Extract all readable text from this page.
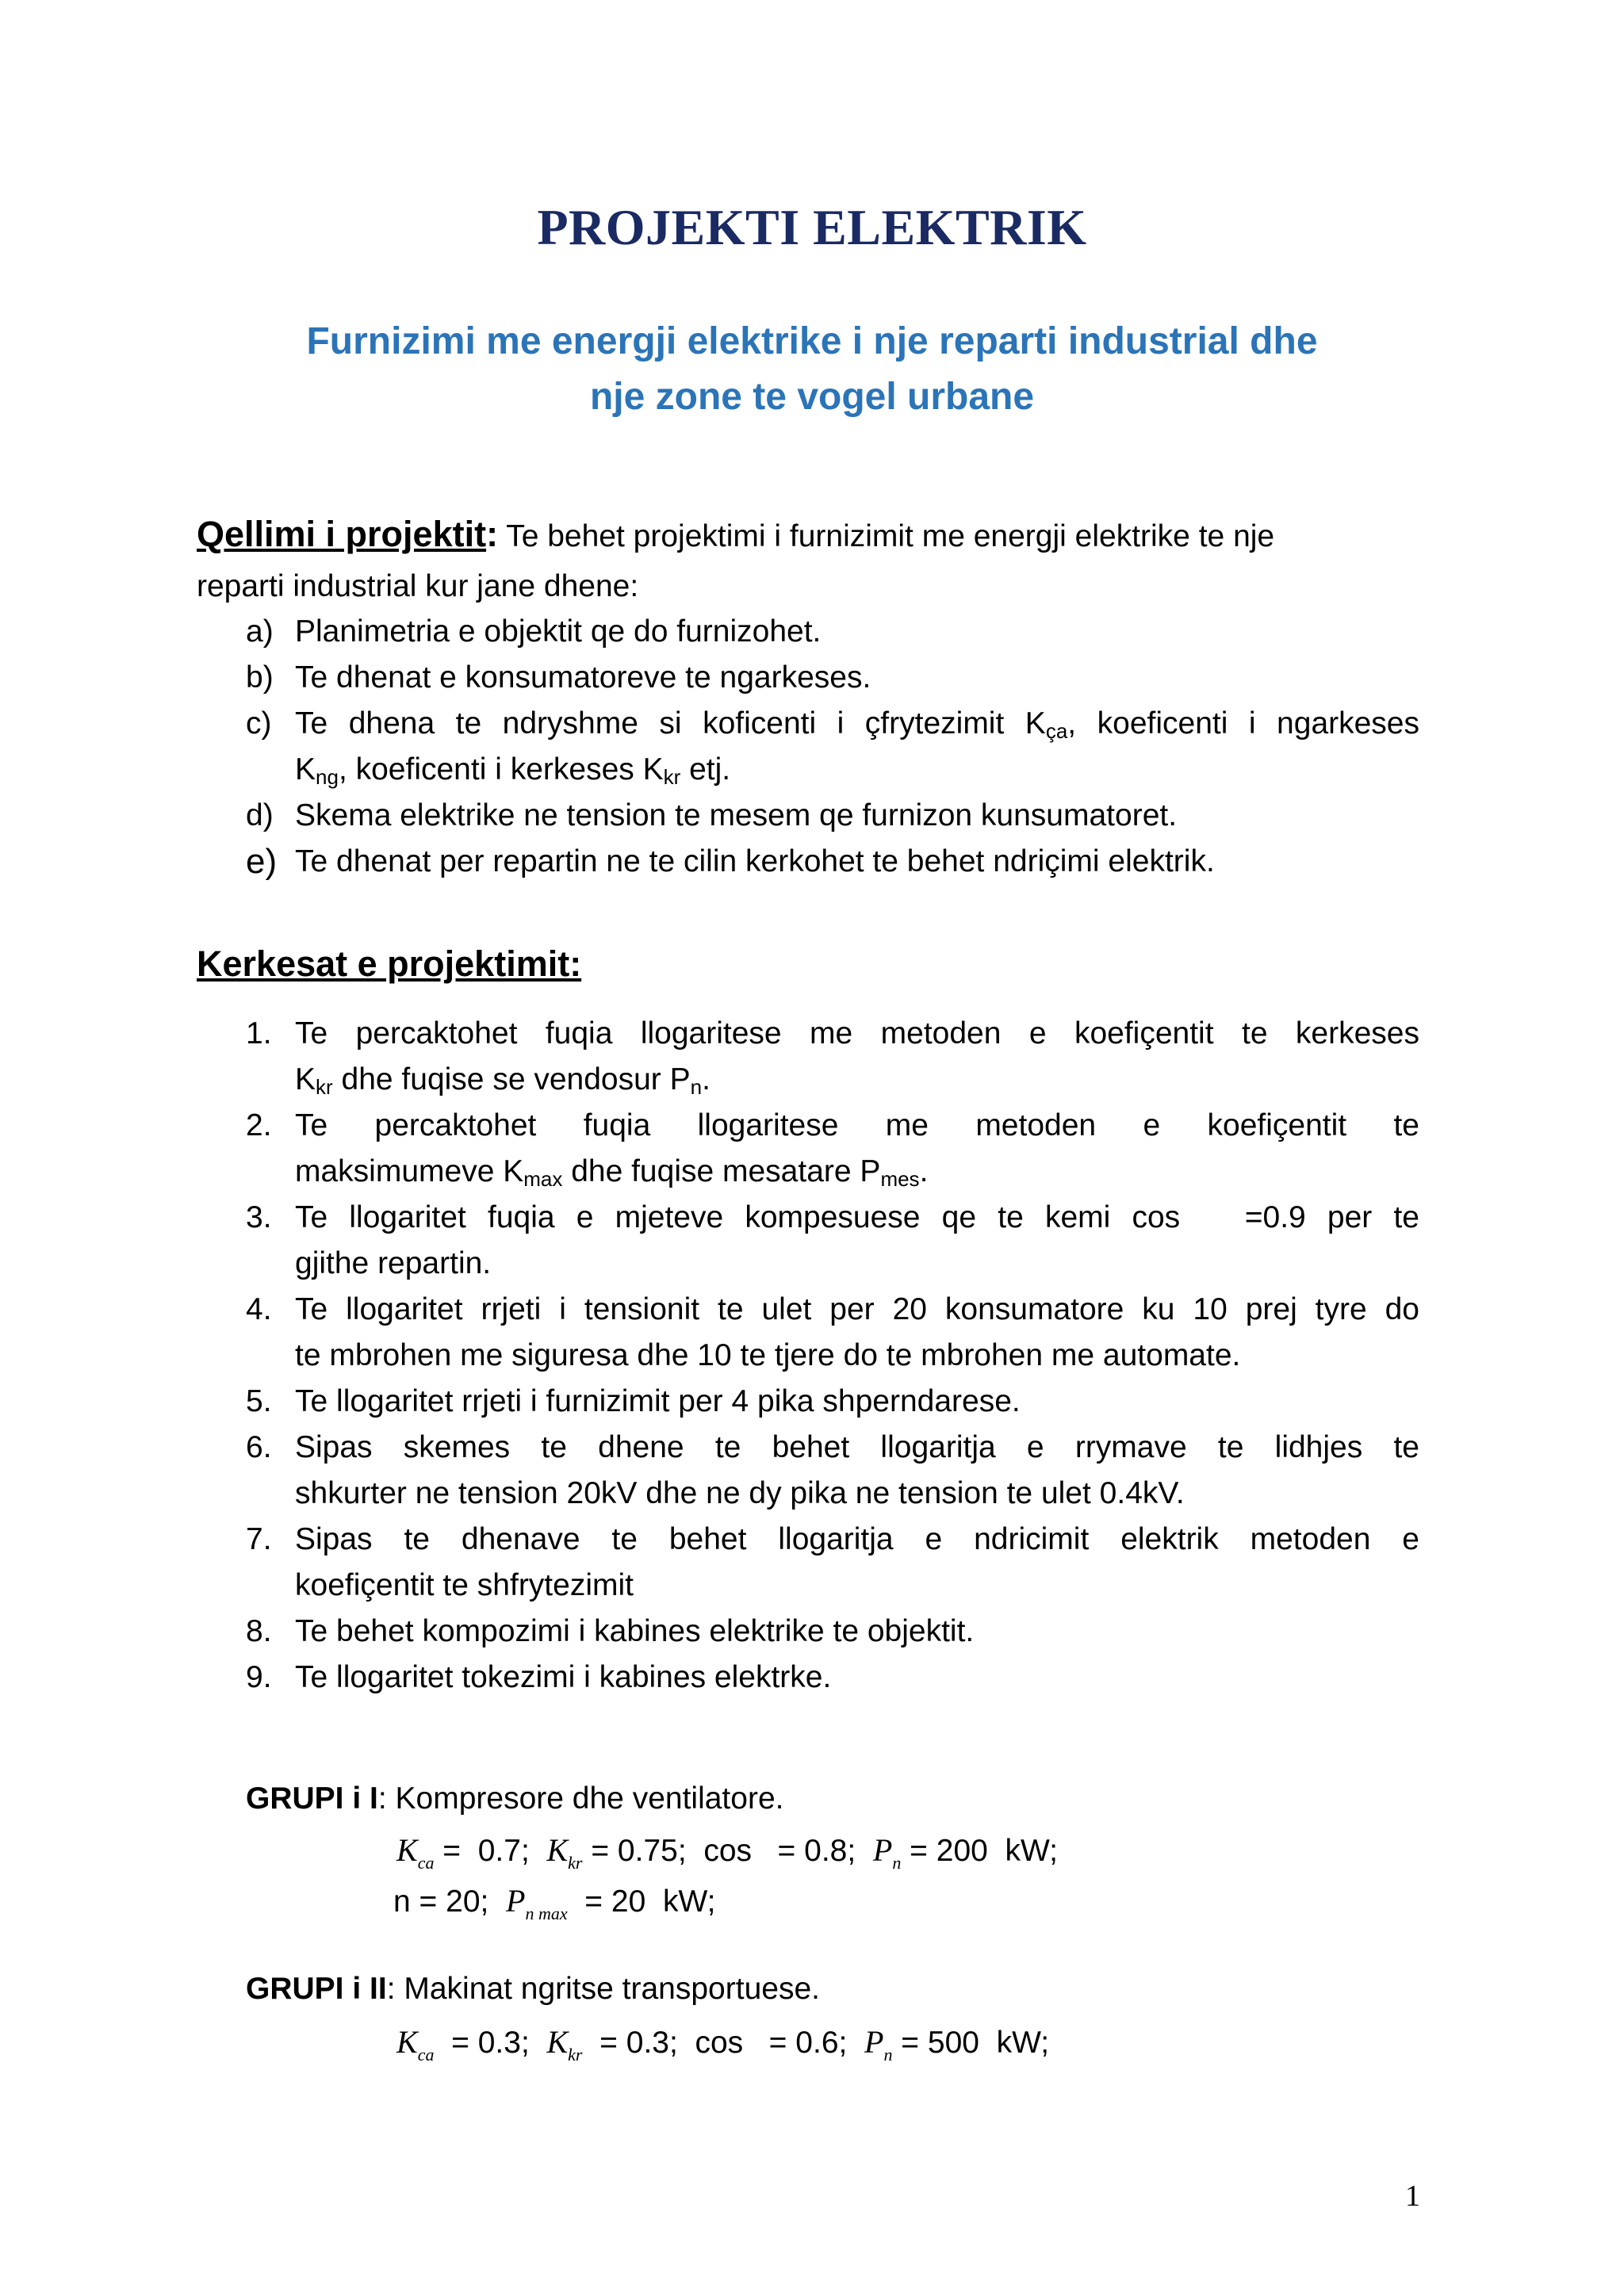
PROJEKTI ELEKTRIK
Furnizimi me energji elektrike i nje reparti industrial dhe
nje zone te vogel urbane
Qellimi i projektit: Te behet projektimi i furnizimit me energji elektrike te nje
reparti industrial kur jane dhene:
a) Planimetria e objektit qe do furnizohet.
b) Te dhenat e konsumatoreve te ngarkeses.
c) Te dhena te ndryshme si koficenti i çfrytezimit $K_{ça}$, koeficenti i ngarkeses
$K_{ng}$, koeficenti i kerkeses $K_{kr}$ etj.
d) Skema elektrike ne tension te mesem qe furnizon kunsumatoret.
e) Te dhenat per repartin ne te cilin kerkohet te behet ndriçimi elektrik.
Kerkesat e projektimit:
1. Te percaktohet fuqia llogaritese me metoden e koefiçentit te kerkeses
$K_{kr}$ dhe fuqise se vendosur $P_n$.
2. Te percaktohet fuqia llogaritese me metoden e koefiçentit te
maksimumeve $K_{max}$ dhe fuqise mesatare $P_{mes}$.
3. Te llogaritet fuqia e mjeteve kompesuese qe te kemi cos   =0.9 per te
gjithe repartin.
4. Te llogaritet rrjeti i tensionit te ulet per 20 konsumatore ku 10 prej tyre do
te mbrohen me siguresa dhe 10 te tjere do te mbrohen me automate.
5. Te llogaritet rrjeti i furnizimit per 4 pika shperndarese.
6. Sipas skemes te dhene te behet llogaritja e rrymave te lidhjes te
shkurter ne tension 20kV dhe ne dy pika ne tension te ulet 0.4kV.
7. Sipas te dhenave te behet llogaritja e ndricimit elektrik metoden e
koefiçentit te shfrytezimit
8. Te behet kompozimi i kabines elektrike te objektit.
9. Te llogaritet tokezimi i kabines elektrke.
GRUPI i I: Kompresore dhe ventilatore.
$K_{ca} = 0.7$;  $K_{kr} = 0.75$;  cos   = 0.8;  $P_n = 200$  kW;
n = 20;  $P_{n max} = 20$  kW;
GRUPI i II: Makinat ngritse transportuese.
$K_{ca} = 0.3$;  $K_{kr} = 0.3$;  cos   = 0.6;  $P_n = 500$  kW;
1
